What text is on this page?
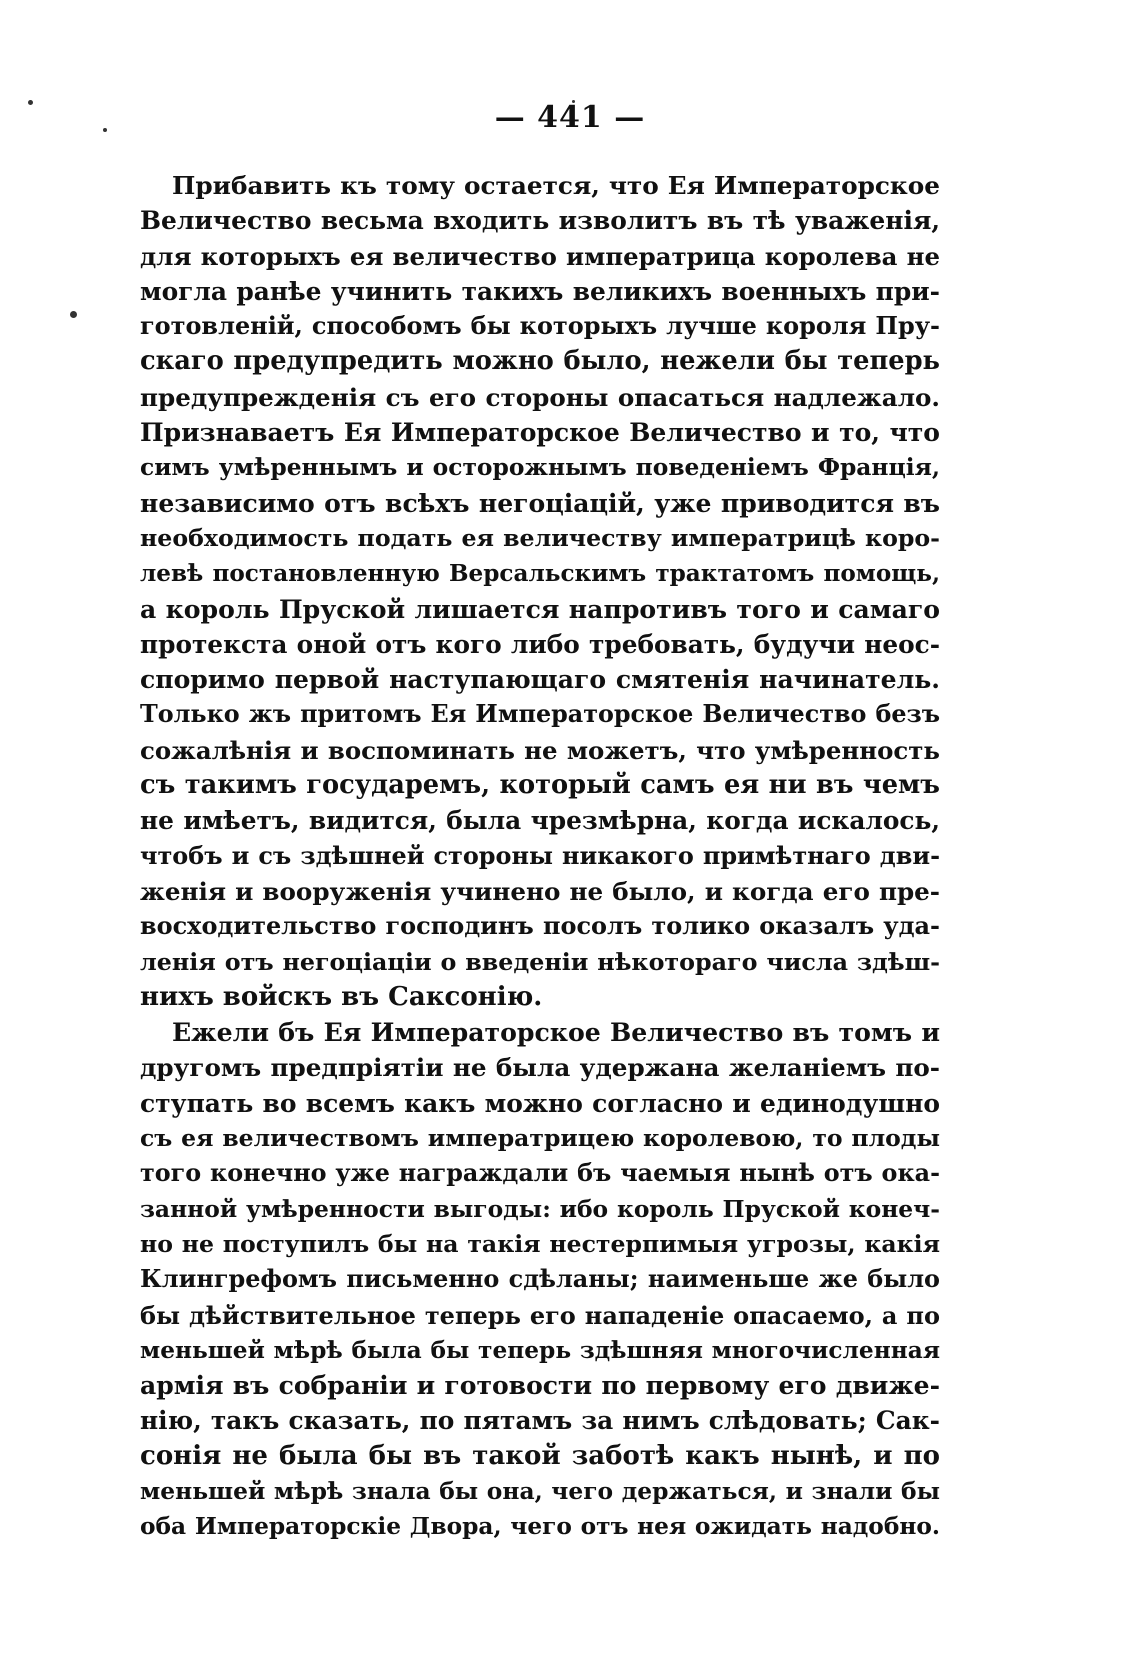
— 441 —
Прибавить къ тому остается, что Ея Императорское
Величество весьма входить изволитъ въ тѣ уваженія,
для которыхъ ея величество императрица королева не
могла ранѣе учинить такихъ великихъ военныхъ при-
готовленій, способомъ бы которыхъ лучше короля Пру-
скаго предупредить можно было, нежели бы теперь
предупрежденія съ его стороны опасаться надлежало.
Признаваетъ Ея Императорское Величество и то, что
симъ умѣреннымъ и осторожнымъ поведеніемъ Франція,
независимо отъ всѣхъ негоціацій, уже приводится въ
необходимость подать ея величеству императрицѣ коро-
левѣ постановленную Версальскимъ трактатомъ помощь,
а король Пруской лишается напротивъ того и самаго
протекста оной отъ кого либо требовать, будучи неос-
споримо первой наступающаго смятенія начинатель.
Только жъ притомъ Ея Императорское Величество безъ
сожалѣнія и воспоминать не можетъ, что умѣренность
съ такимъ государемъ, который самъ ея ни въ чемъ
не имѣетъ, видится, была чрезмѣрна, когда искалось,
чтобъ и съ здѣшней стороны никакого примѣтнаго дви-
женія и вооруженія учинено не было, и когда его пре-
восходительство господинъ посолъ толико оказалъ уда-
ленія отъ негоціаціи о введеніи нѣкотораго числа здѣш-
нихъ войскъ въ Саксонію.
Ежели бъ Ея Императорское Величество въ томъ и
другомъ предпріятіи не была удержана желаніемъ по-
ступать во всемъ какъ можно согласно и единодушно
съ ея величествомъ императрицею королевою, то плоды
того конечно уже награждали бъ чаемыя нынѣ отъ ока-
занной умѣренности выгоды: ибо король Пруской конеч-
но не поступилъ бы на такія нестерпимыя угрозы, какія
Клингрефомъ письменно сдѣланы; наименьше же было
бы дѣйствительное теперь его нападеніе опасаемо, а по
меньшей мѣрѣ была бы теперь здѣшняя многочисленная
армія въ собраніи и готовости по первому его движе-
нію, такъ сказать, по пятамъ за нимъ слѣдовать; Сак-
сонія не была бы въ такой заботѣ какъ нынѣ, и по
меньшей мѣрѣ знала бы она, чего держаться, и знали бы
оба Императорскіе Двора, чего отъ нея ожидать надобно.
